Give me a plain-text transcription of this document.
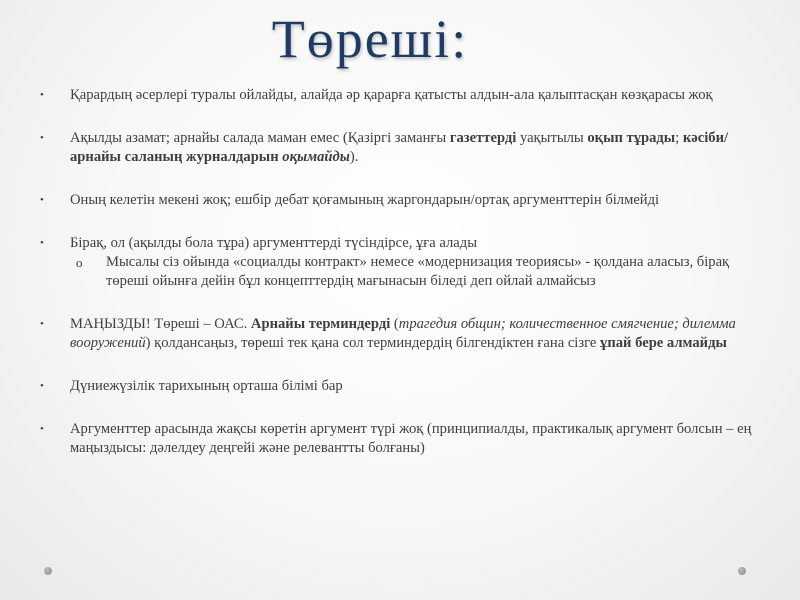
Төреші:

•	Қарардың әсерлері туралы ойлайды, алайда әр қарарға қатысты алдын-ала қалыптасқан көзқарасы жоқ

•	Ақылды азамат; арнайы салада маман емес (Қазіргі заманғы газеттерді уақытылы оқып тұрады; кәсіби/арнайы саланың журналдарын оқымайды).

•	Оның келетін мекені жоқ; ешбір дебат қоғамының жаргондарын/ортақ аргументтерін білмейді

•	Бірақ, ол (ақылды бола тұра) аргументтерді түсіндірсе, ұға алады

o Мысалы сіз ойында «социалды контракт» немесе «модернизация теориясы» - қолдана аласыз, бірақ төреші ойынға дейін бұл концепттердің мағынасын біледі деп ойлай алмайсыз

•	МАҢЫЗДЫ! Төреші – ОАС. Арнайы терминдерді (трагедия общин; количественное смягчение; дилемма вооружений) қолдансаңыз, төреші тек қана сол терминдердің білгендіктен ғана сізге ұпай бере алмайды

•	Дүниежүзілік тарихының орташа білімі бар

•	Аргументтер арасында жақсы көретін аргумент түрі жоқ (принципиалды, практикалық аргумент болсын – ең маңыздысы: дәлелдеу деңгейі және релевантты болғаны)
